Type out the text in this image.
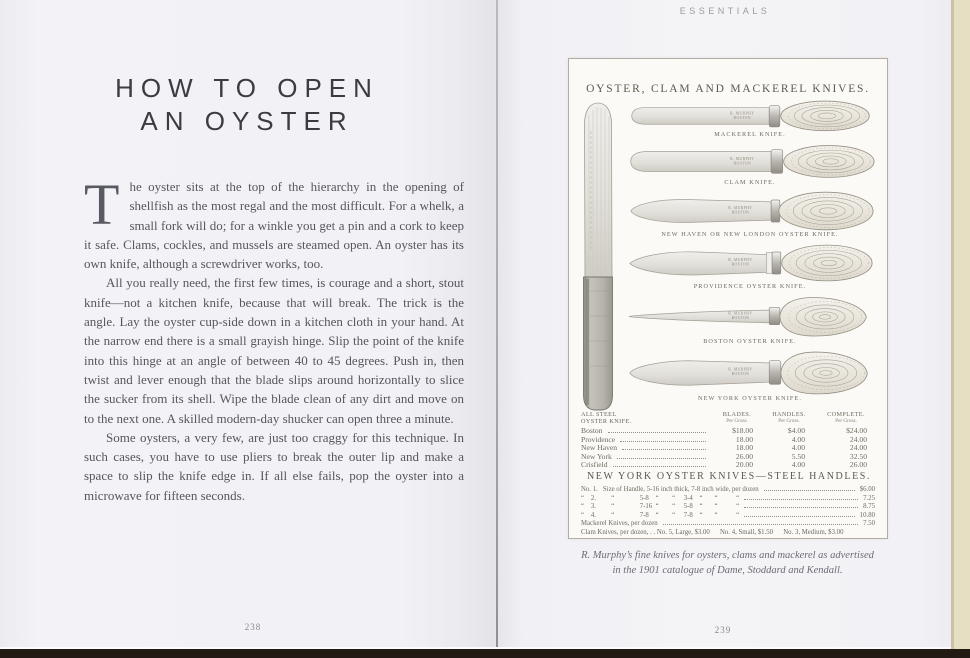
HOW TO OPEN
AN OYSTER

The oyster sits at the top of the hierarchy in the opening of shellfish as the most regal and the most difficult. For a whelk, a small fork will do; for a winkle you get a pin and a cork to keep it safe. Clams, cockles, and mussels are steamed open. An oyster has its own knife, although a screwdriver works, too.

All you really need, the first few times, is courage and a short, stout knife—not a kitchen knife, because that will break. The trick is the angle. Lay the oyster cup-side down in a kitchen cloth in your hand. At the narrow end there is a small grayish hinge. Slip the point of the knife into this hinge at an angle of between 40 to 45 degrees. Push in, then twist and lever enough that the blade slips around horizontally to slice the sucker from its shell. Wipe the blade clean of any dirt and move on to the next one. A skilled modern-day shucker can open three a minute.

Some oysters, a very few, are just too craggy for this technique. In such cases, you have to use pliers to break the outer lip and make a space to slip the knife edge in. If all else fails, pop the oyster into a microwave for fifteen seconds.

238
ESSENTIALS
OYSTER, CLAM AND MACKEREL KNIVES.
R. MURPHY
BOSTON
MACKEREL KNIFE.
R. MURPHY
BOSTON
CLAM KNIFE.
R. MURPHY
BOSTON
NEW HAVEN OR NEW LONDON OYSTER KNIFE.
R. MURPHY
BOSTON
PROVIDENCE OYSTER KNIFE.
R. MURPHY
BOSTON
BOSTON OYSTER KNIFE.
R. MURPHY
BOSTON
NEW YORK OYSTER KNIFE.
ALL STEEL
OYSTER KNIFE.
BLADES.
Per Gross.
HANDLES.
Per Gross.
COMPLETE.
Per Gross.
Boston	$18.00	$4.00	$24.00
Providence	18.00	4.00	24.00
New Haven	18.00	4.00	24.00
New York	26.00	5.50	32.50
Crisfield	20.00	4.00	26.00
NEW YORK OYSTER KNIVES—STEEL HANDLES.
No. 1.   Size of Handle, 5-16 inch thick, 7-8 inch wide, per dozen	$6.00
“    2.         “               5-8    “        “     3-4    “       “           “	7.25
“    3.         “               7-16  “        “     5-8    “       “           “	8.75
“    4.         “               7-8    “        “     7-8    “       “           “	10.80
Mackerel Knives, per dozen	7.50
Clam Knives, per dozen, . . No. 5, Large, $3.00      No. 4, Small, $1.50      No. 3, Medium, $3.00
R. Murphy’s fine knives for oysters, clams and mackerel as advertised
in the 1901 catalogue of Dame, Stoddard and Kendall.
239
